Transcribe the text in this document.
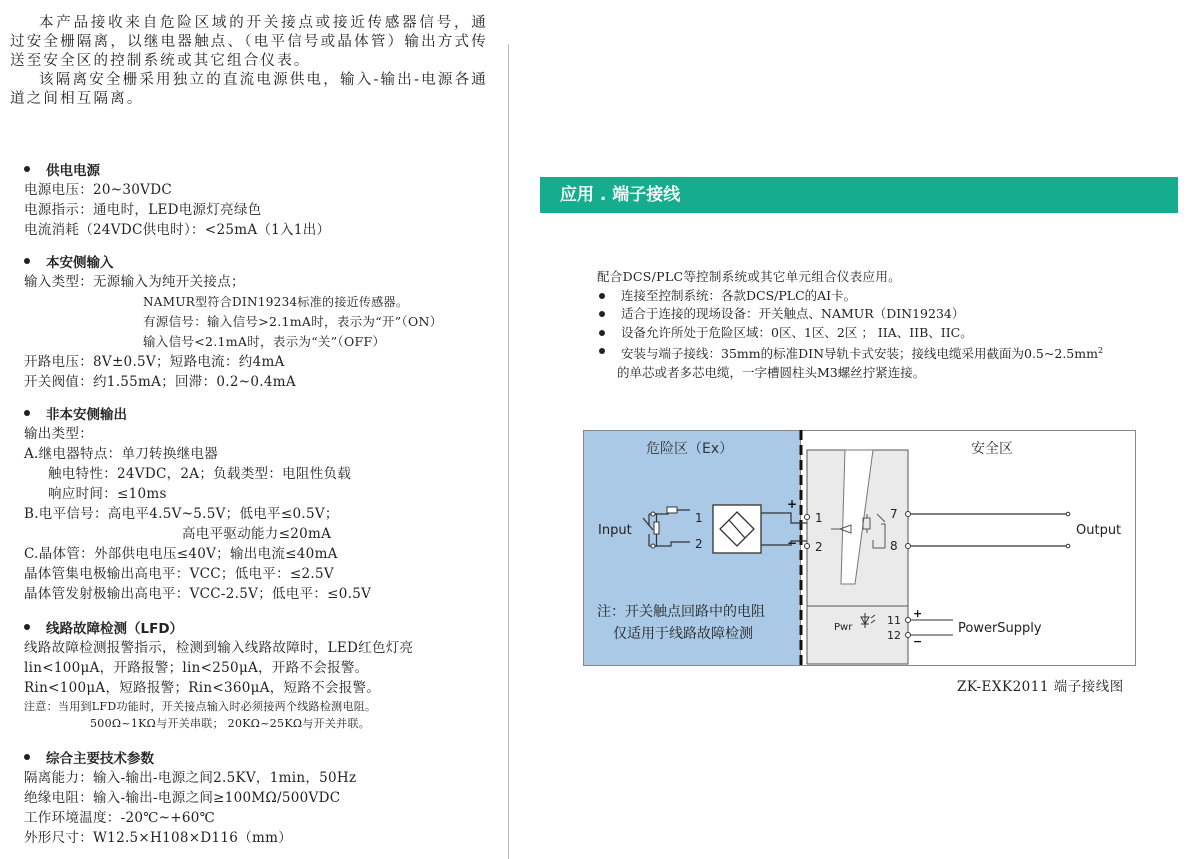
本产品接收来自危险区域的开关接点或接近传感器信号，通过安全栅隔离，以继电器触点、（电平信号或晶体管）输出方式传送至安全区的控制系统或其它组合仪表。

该隔离安全栅采用独立的直流电源供电，输入-输出-电源各通道之间相互隔离。

供电电源
电源电压：20~30VDC
电源指示：通电时，LED电源灯亮绿色
电流消耗（24VDC供电时）：<25mA（1入1出）
本安侧输入
输入类型：无源输入为纯开关接点；
NAMUR型符合DIN19234标准的接近传感器。
有源信号：输入信号>2.1mA时，表示为“开”（ON）
输入信号<2.1mA时，表示为“关”（OFF）
开路电压：8V±0.5V；短路电流：约4mA
开关阀值：约1.55mA；回滞：0.2~0.4mA
非本安侧输出
输出类型：
A.继电器特点：单刀转换继电器
触电特性：24VDC，2A；负载类型：电阻性负载
响应时间：≤10ms
B.电平信号：高电平4.5V~5.5V；低电平≤0.5V；
高电平驱动能力≤20mA
C.晶体管：外部供电电压≤40V；输出电流≤40mA
晶体管集电极输出高电平：VCC；低电平：≤2.5V
晶体管发射极输出高电平：VCC-2.5V；低电平：≤0.5V
线路故障检测（LFD）
线路故障检测报警指示，检测到输入线路故障时，LED红色灯亮
lin<100μA，开路报警；lin<250μA，开路不会报警。
Rin<100μA，短路报警；Rin<360μA，短路不会报警。
注意：当用到LFD功能时，开关接点输入时必须接两个线路检测电阻。
500Ω~1KΩ与开关串联； 20KΩ~25KΩ与开关并联。
综合主要技术参数
隔离能力：输入-输出-电源之间2.5KV，1min，50Hz
绝缘电阻：输入-输出-电源之间≥100MΩ/500VDC
工作环境温度：-20℃~+60℃
外形尺寸：W12.5×H108×D116（mm）
应用 . 端子接线
配合DCS/PLC等控制系统或其它单元组合仪表应用。
连接至控制系统：各款DCS/PLC的AI卡。
适合于连接的现场设备：开关触点、NAMUR（DIN19234）
设备允许所处于危险区域：0区、1区、2区 ； IIA、IIB、IIC。
安装与端子接线：35mm的标准DIN导轨卡式安装；接线电缆采用截面为$0.5\sim 2.5mm^2$
的单芯或者多芯电缆，一字槽圆柱头M3螺丝拧紧连接。
危险区（Ex）	安全区
+
−
Input
1
2
1
2
7
8
Output
Pwr
11
12
+
−
PowerSupply
注：开关触点回路中的电阻
仅适用于线路故障检测
ZK-EXK2011 端子接线图
